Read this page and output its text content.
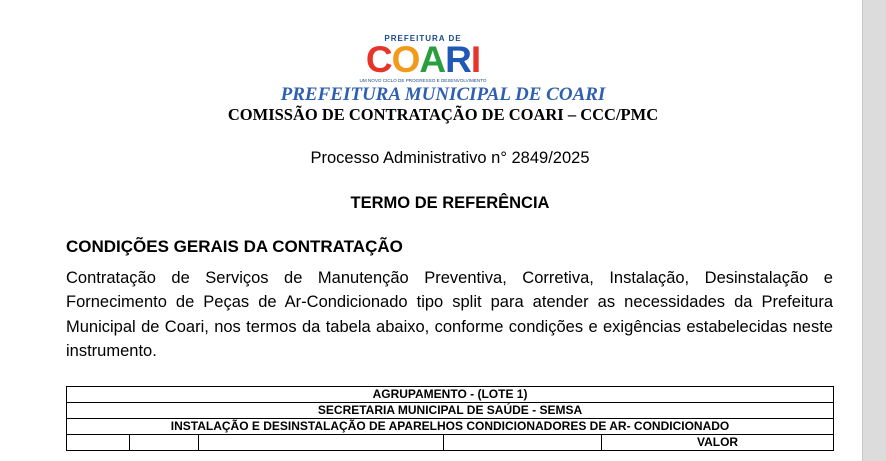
PREFEITURA DE
COARI
UM NOVO CICLO DE PROGRESSO E DESENVOLVIMENTO
PREFEITURA MUNICIPAL DE COARI
COMISSÃO DE CONTRATAÇÃO DE COARI – CCC/PMC
Processo Administrativo n° 2849/2025
TERMO DE REFERÊNCIA
CONDIÇÕES GERAIS DA CONTRATAÇÃO

Contratação de Serviços de Manutenção Preventiva, Corretiva, Instalação, Desinstalação e Fornecimento de Peças de Ar-Condicionado tipo split para atender as necessidades da Prefeitura Municipal de Coari, nos termos da tabela abaixo, conforme condições e exigências estabelecidas neste instrumento.

AGRUPAMENTO - (LOTE 1)
SECRETARIA MUNICIPAL DE SAÚDE - SEMSA
INSTALAÇÃO E DESINSTALAÇÃO DE APARELHOS CONDICIONADORES DE AR- CONDICIONADO
				VALOR
